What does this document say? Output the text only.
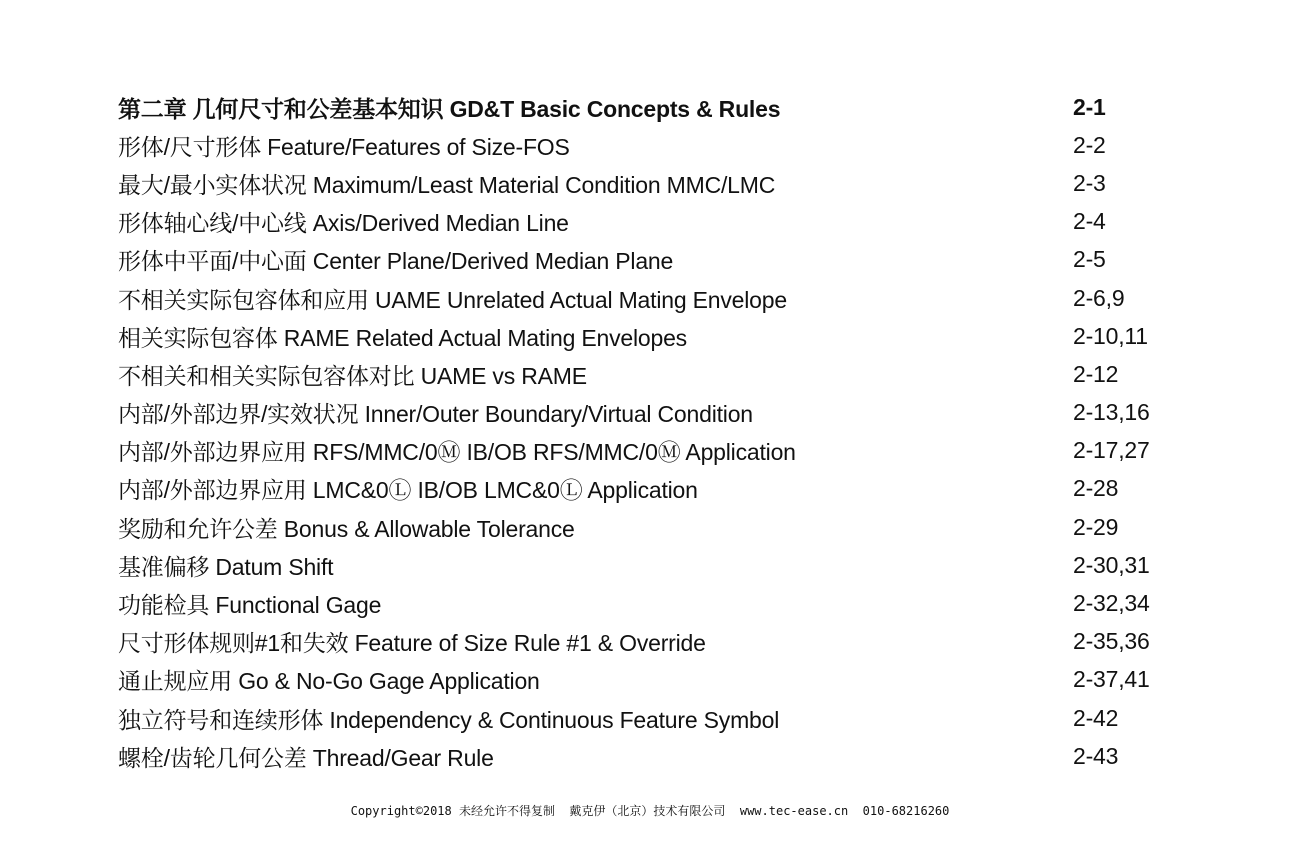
第二章 几何尺寸和公差基本知识 GD&T Basic Concepts & Rules	2-1
形体/尺寸形体 Feature/Features of Size-FOS	2-2
最大/最小实体状况 Maximum/Least Material Condition MMC/LMC	2-3
形体轴心线/中心线 Axis/Derived Median Line	2-4
形体中平面/中心面 Center Plane/Derived Median Plane	2-5
不相关实际包容体和应用 UAME Unrelated Actual Mating Envelope	2-6,9
相关实际包容体 RAME Related Actual Mating Envelopes	2-10,11
不相关和相关实际包容体对比 UAME vs RAME	2-12
内部/外部边界/实效状况 Inner/Outer Boundary/Virtual Condition	2-13,16
内部/外部边界应用 RFS/MMC/0Ⓜ IB/OB RFS/MMC/0Ⓜ Application	2-17,27
内部/外部边界应用 LMC&0Ⓛ IB/OB LMC&0Ⓛ Application	2-28
奖励和允许公差 Bonus & Allowable Tolerance	2-29
基准偏移 Datum Shift	2-30,31
功能检具 Functional Gage	2-32,34
尺寸形体规则#1和失效 Feature of Size Rule #1 & Override	2-35,36
通止规应用 Go & No-Go Gage Application	2-37,41
独立符号和连续形体 Independency & Continuous Feature Symbol	2-42
螺栓/齿轮几何公差 Thread/Gear Rule	2-43
Copyright©2018 未经允许不得复制  戴克伊（北京）技术有限公司  www.tec-ease.cn  010-68216260
